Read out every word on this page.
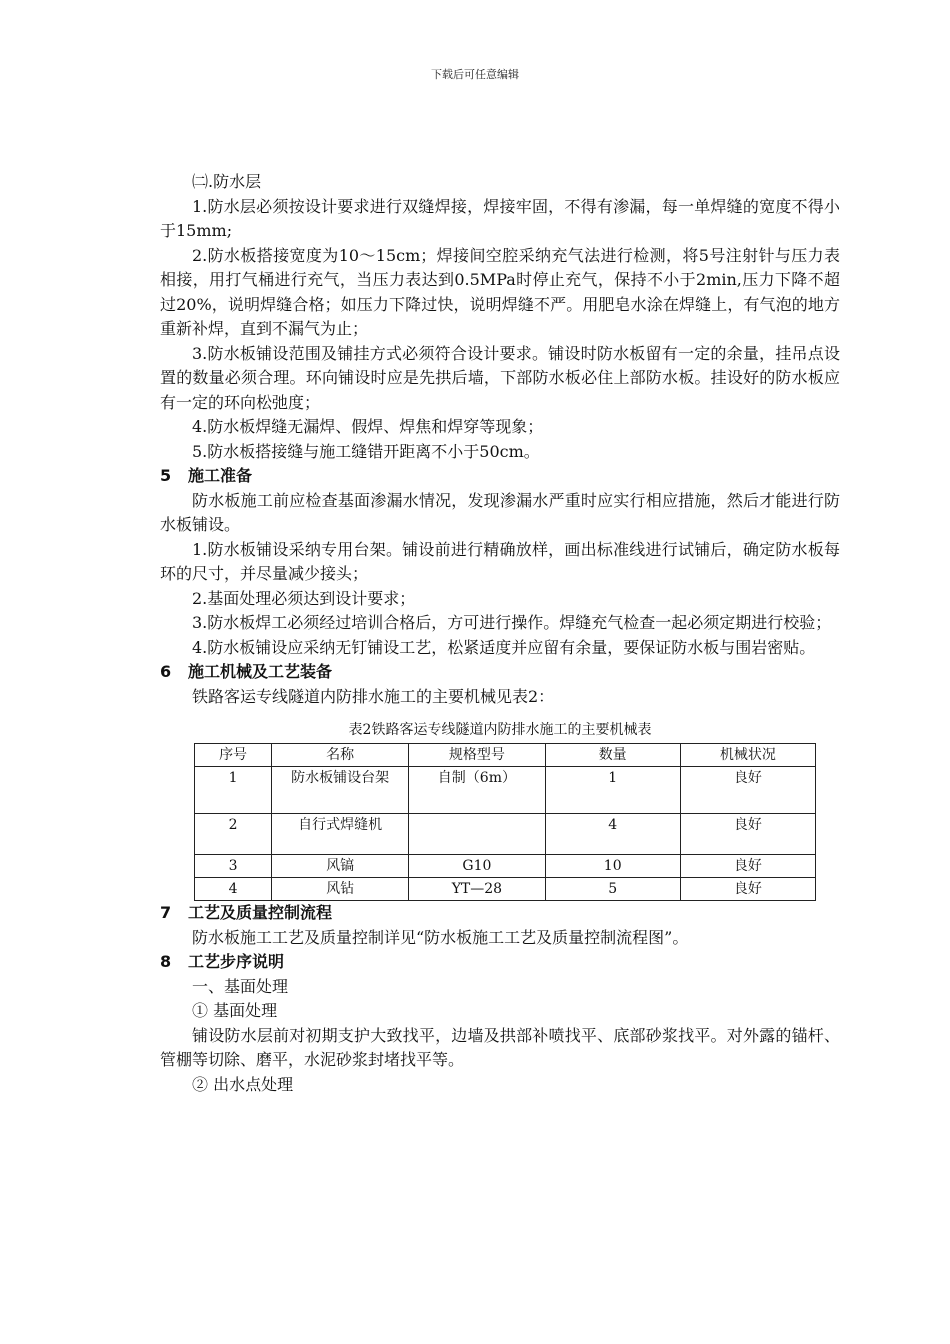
下载后可任意编辑

㈡.防水层

1.防水层必须按设计要求进行双缝焊接，焊接牢固，不得有渗漏，每一单焊缝的宽度不得小于15mm;

2.防水板搭接宽度为10～15cm；焊接间空腔采纳充气法进行检测，将5号注射针与压力表相接，用打气桶进行充气，当压力表达到0.5MPa时停止充气，保持不小于2min,压力下降不超过20%，说明焊缝合格；如压力下降过快，说明焊缝不严。用肥皂水涂在焊缝上，有气泡的地方重新补焊，直到不漏气为止；

3.防水板铺设范围及铺挂方式必须符合设计要求。铺设时防水板留有一定的余量，挂吊点设置的数量必须合理。环向铺设时应是先拱后墙，下部防水板必住上部防水板。挂设好的防水板应有一定的环向松弛度；

4.防水板焊缝无漏焊、假焊、焊焦和焊穿等现象；

5.防水板搭接缝与施工缝错开距离不小于50cm。

5 施工准备

防水板施工前应检查基面渗漏水情况，发现渗漏水严重时应实行相应措施，然后才能进行防水板铺设。

1.防水板铺设采纳专用台架。铺设前进行精确放样，画出标准线进行试铺后，确定防水板每环的尺寸，并尽量减少接头；

2.基面处理必须达到设计要求；

3.防水板焊工必须经过培训合格后，方可进行操作。焊缝充气检查一起必须定期进行校验；

4.防水板铺设应采纳无钉铺设工艺，松紧适度并应留有余量，要保证防水板与围岩密贴。

6 施工机械及工艺装备

铁路客运专线隧道内防排水施工的主要机械见表2：

表2铁路客运专线隧道内防排水施工的主要机械表
序号	名称	规格型号	数量	机械状况
1	防水板铺设台架	自制（6m）	1	良好
2	自行式焊缝机		4	良好
3	风镐	G10	10	良好
4	风钻	YT—28	5	良好

7 工艺及质量控制流程

防水板施工工艺及质量控制详见“防水板施工工艺及质量控制流程图”。

8 工艺步序说明

一、基面处理

① 基面处理

铺设防水层前对初期支护大致找平，边墙及拱部补喷找平、底部砂浆找平。对外露的锚杆、管棚等切除、磨平，水泥砂浆封堵找平等。

② 出水点处理
